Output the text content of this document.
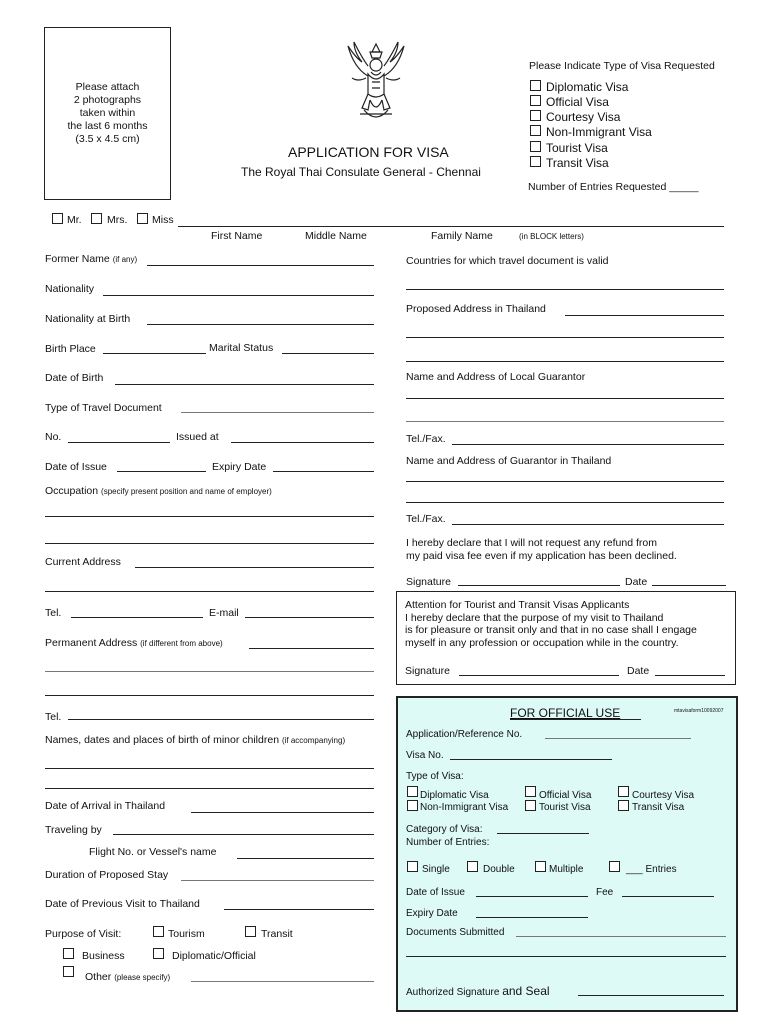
Please attach
2 photographs
taken within
the last 6 months
(3.5 x 4.5 cm)
APPLICATION FOR VISA
The Royal Thai Consulate General - Chennai
Please Indicate Type of Visa Requested
Diplomatic Visa
Official Visa
Courtesy Visa
Non-Immigrant Visa
Tourist Visa
Transit Visa
Number of Entries Requested _____
Mr. Mrs. Miss
First Name	Middle Name	Family Name	(in BLOCK letters)
Former Name (if any)
Nationality
Nationality at Birth
Birth Place	Marital Status
Date of Birth
Type of Travel Document
No.	Issued at
Date of Issue	Expiry Date
Occupation (specify present position and name of employer)
Current Address
Tel.	E-mail
Permanent Address (if different from above)
Tel.
Names, dates and places of birth of minor children (if accompanying)
Date of Arrival in Thailand
Traveling by
Flight No. or Vessel's name
Duration of Proposed Stay
Date of Previous Visit to Thailand
Purpose of Visit:	Tourism	Transit
Business	Diplomatic/Official
Other (please specify)
Countries for which travel document is valid
Proposed Address in Thailand
Name and Address of Local Guarantor
Tel./Fax.
Name and Address of Guarantor in Thailand
Tel./Fax.
I hereby declare that I will not request any refund from
my paid visa fee even if my application has been declined.
Signature	Date
Attention for Tourist and Transit Visas Applicants
I hereby declare that the purpose of my visit to Thailand
is for pleasure or transit only and that in no case shall I engage
myself in any profession or occupation while in the country.
Signature	Date
FOR OFFICIAL USE	mtavisaform10092007
Application/Reference No.
Visa No.
Type of Visa:
Diplomatic Visa	Official Visa	Courtesy Visa
Non-Immigrant Visa	Tourist Visa	Transit Visa
Category of Visa:
Number of Entries:
Single	Double	Multiple	___ Entries
Date of Issue	Fee
Expiry Date
Documents Submitted
Authorized Signature and Seal
